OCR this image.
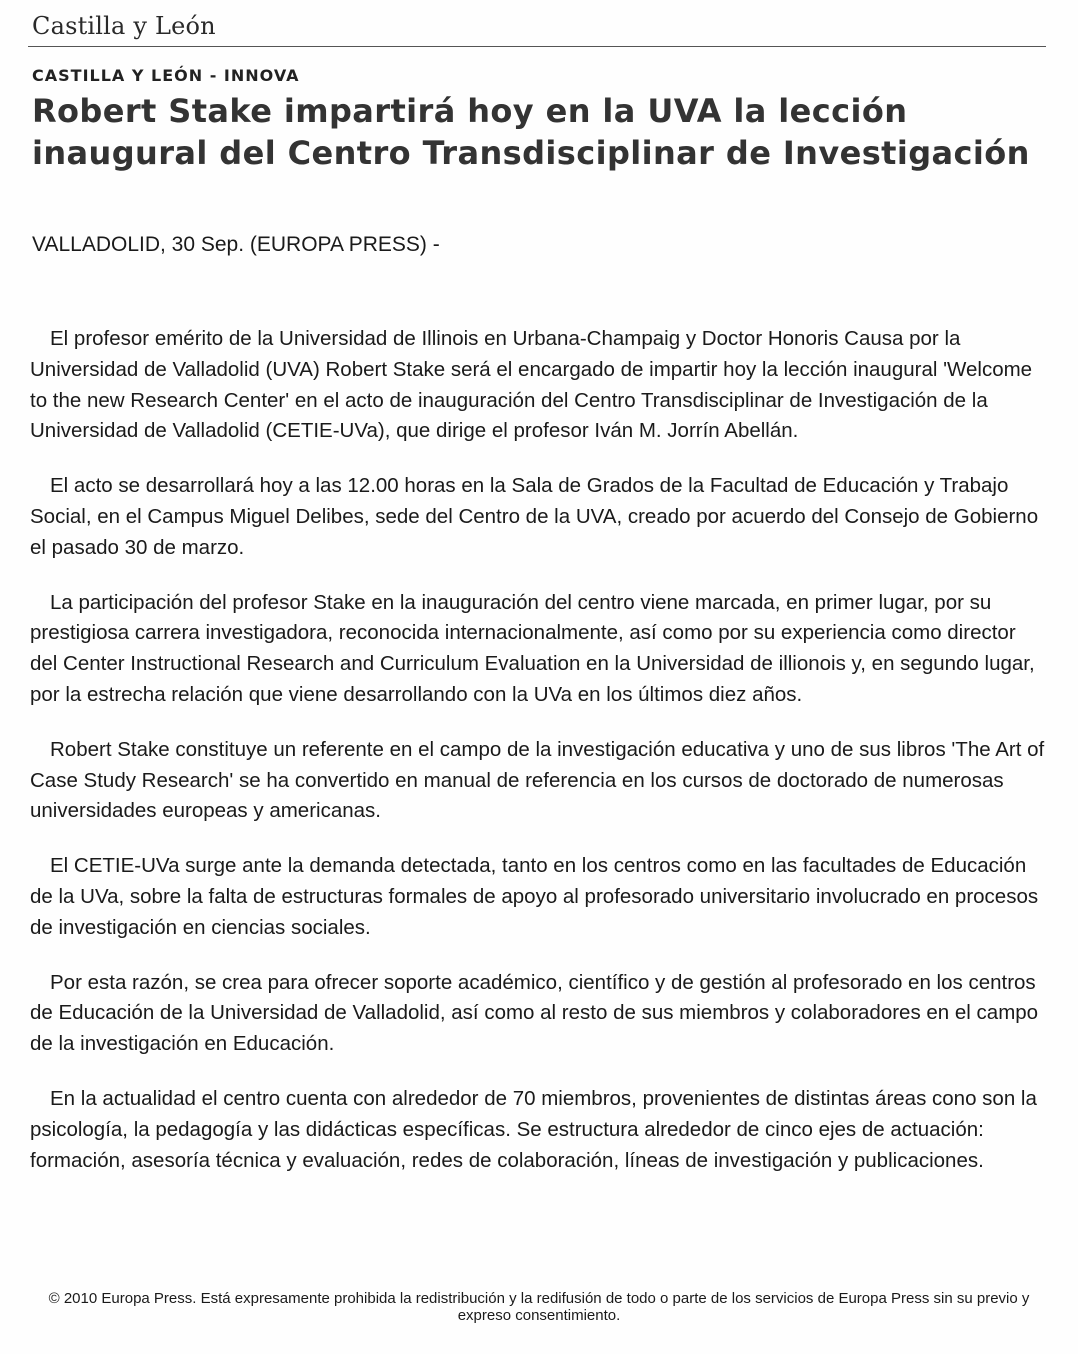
Castilla y León
CASTILLA Y LEÓN - INNOVA
Robert Stake impartirá hoy en la UVA la lección inaugural del Centro Transdisciplinar de Investigación
VALLADOLID, 30 Sep. (EUROPA PRESS) -

El profesor emérito de la Universidad de Illinois en Urbana-Champaig y Doctor Honoris Causa por la Universidad de Valladolid (UVA) Robert Stake será el encargado de impartir hoy la lección inaugural 'Welcome to the new Research Center' en el acto de inauguración del Centro Transdisciplinar de Investigación de la Universidad de Valladolid (CETIE-UVa), que dirige el profesor Iván M. Jorrín Abellán.

El acto se desarrollará hoy a las 12.00 horas en la Sala de Grados de la Facultad de Educación y Trabajo Social, en el Campus Miguel Delibes, sede del Centro de la UVA, creado por acuerdo del Consejo de Gobierno el pasado 30 de marzo.

La participación del profesor Stake en la inauguración del centro viene marcada, en primer lugar, por su prestigiosa carrera investigadora, reconocida internacionalmente, así como por su experiencia como director del Center Instructional Research and Curriculum Evaluation en la Universidad de illionois y, en segundo lugar, por la estrecha relación que viene desarrollando con la UVa en los últimos diez años.

Robert Stake constituye un referente en el campo de la investigación educativa y uno de sus libros 'The Art of Case Study Research' se ha convertido en manual de referencia en los cursos de doctorado de numerosas universidades europeas y americanas.

El CETIE-UVa surge ante la demanda detectada, tanto en los centros como en las facultades de Educación de la UVa, sobre la falta de estructuras formales de apoyo al profesorado universitario involucrado en procesos de investigación en ciencias sociales.

Por esta razón, se crea para ofrecer soporte académico, científico y de gestión al profesorado en los centros de Educación de la Universidad de Valladolid, así como al resto de sus miembros y colaboradores en el campo de la investigación en Educación.

En la actualidad el centro cuenta con alrededor de 70 miembros, provenientes de distintas áreas cono son la psicología, la pedagogía y las didácticas específicas. Se estructura alrededor de cinco ejes de actuación: formación, asesoría técnica y evaluación, redes de colaboración, líneas de investigación y publicaciones.

© 2010 Europa Press. Está expresamente prohibida la redistribución y la redifusión de todo o parte de los servicios de Europa Press sin su previo y expreso consentimiento.
